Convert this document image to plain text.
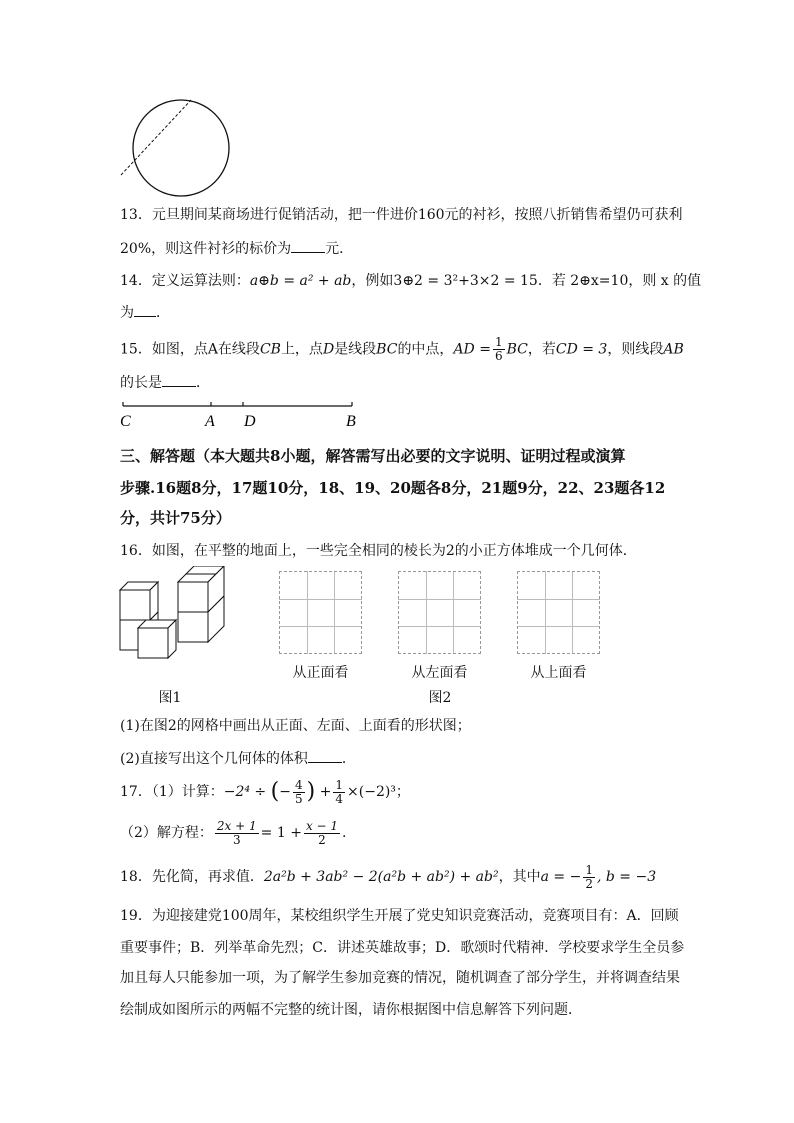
13．元旦期间某商场进行促销活动，把一件进价160元的衬衫，按照八折销售希望仍可获利
20%，则这件衬衫的标价为 元．
14．定义运算法则：a⊕b = a² + ab，例如3⊕2 = 3²+3×2 = 15．若 2⊕x=10，则 x 的值
为 ．
15．如图，点A在线段CB上，点D是线段BC的中点，AD = $\frac{1}{6}$ BC，若CD = 3，则线段AB
的长是 ．
C	A D	B
三、解答题（本大题共8小题，解答需写出必要的文字说明、证明过程或演算
步骤.16题8分，17题10分，18、19、20题各8分，21题9分，22、23题各12
分，共计75分）
16．如图，在平整的地面上，一些完全相同的棱长为2的小正方体堆成一个几何体．
从正面看	从左面看	从上面看
图1	图2
(1)在图2的网格中画出从正面、左面、上面看的形状图；
(2)直接写出这个几何体的体积 ．
17．（1）计算：−2⁴ ÷ (− $\frac{4}{5}$ ) + $\frac{1}{4} \times(-2)^3$；
（2）解方程： $\frac{2x + 1}{3} = 1 + \frac{x - 1}{2}$ .
18．先化简，再求值．2a²b + 3ab² − 2(a²b + ab²) + ab²，其中a = − $\frac{1}{2}$ , b = −3
19．为迎接建党100周年，某校组织学生开展了党史知识竞赛活动，竞赛项目有：A．回顾
重要事件；B．列举革命先烈；C．讲述英雄故事；D．歌颂时代精神．学校要求学生全员参
加且每人只能参加一项，为了解学生参加竞赛的情况，随机调查了部分学生，并将调查结果
绘制成如图所示的两幅不完整的统计图，请你根据图中信息解答下列问题．
